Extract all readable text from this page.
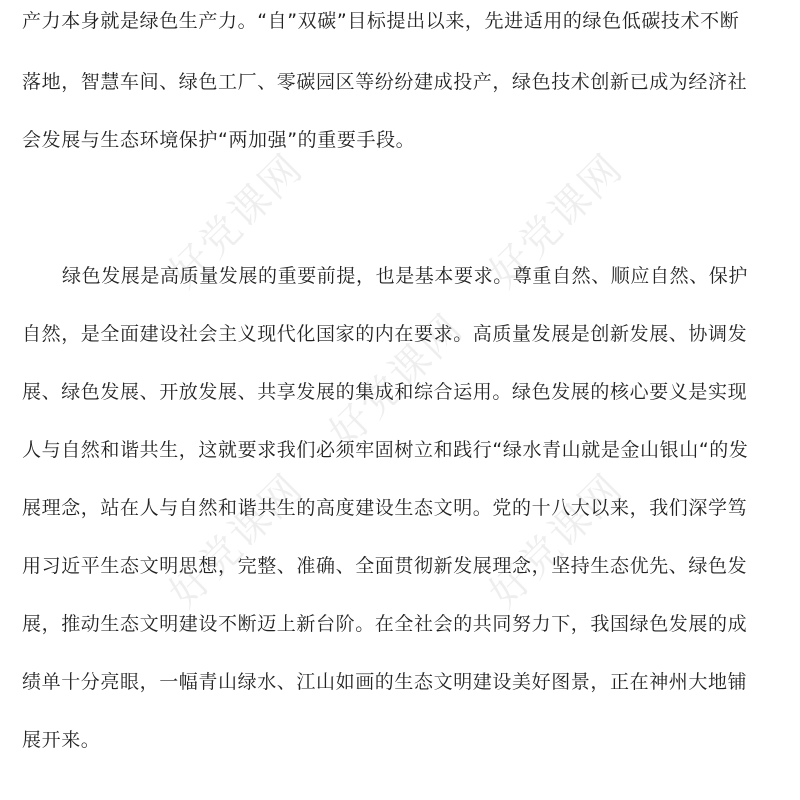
好党课网	好党课网
好党课网
好党课网	好党课网
产力本身就是绿色生产力。“自”双碳”目标提出以来，先进适用的绿色低碳技术不断
落地，智慧车间、绿色工厂、零碳园区等纷纷建成投产，绿色技术创新已成为经济社
会发展与生态环境保护“两加强”的重要手段。
绿色发展是高质量发展的重要前提，也是基本要求。尊重自然、顺应自然、保护
自然，是全面建设社会主义现代化国家的内在要求。高质量发展是创新发展、协调发
展、绿色发展、开放发展、共享发展的集成和综合运用。绿色发展的核心要义是实现
人与自然和谐共生，这就要求我们必须牢固树立和践行“绿水青山就是金山银山“的发
展理念，站在人与自然和谐共生的高度建设生态文明。党的十八大以来，我们深学笃
用习近平生态文明思想，完整、准确、全面贯彻新发展理念，坚持生态优先、绿色发
展，推动生态文明建设不断迈上新台阶。在全社会的共同努力下，我国绿色发展的成
绩单十分亮眼，一幅青山绿水、江山如画的生态文明建设美好图景，正在神州大地铺
展开来。
